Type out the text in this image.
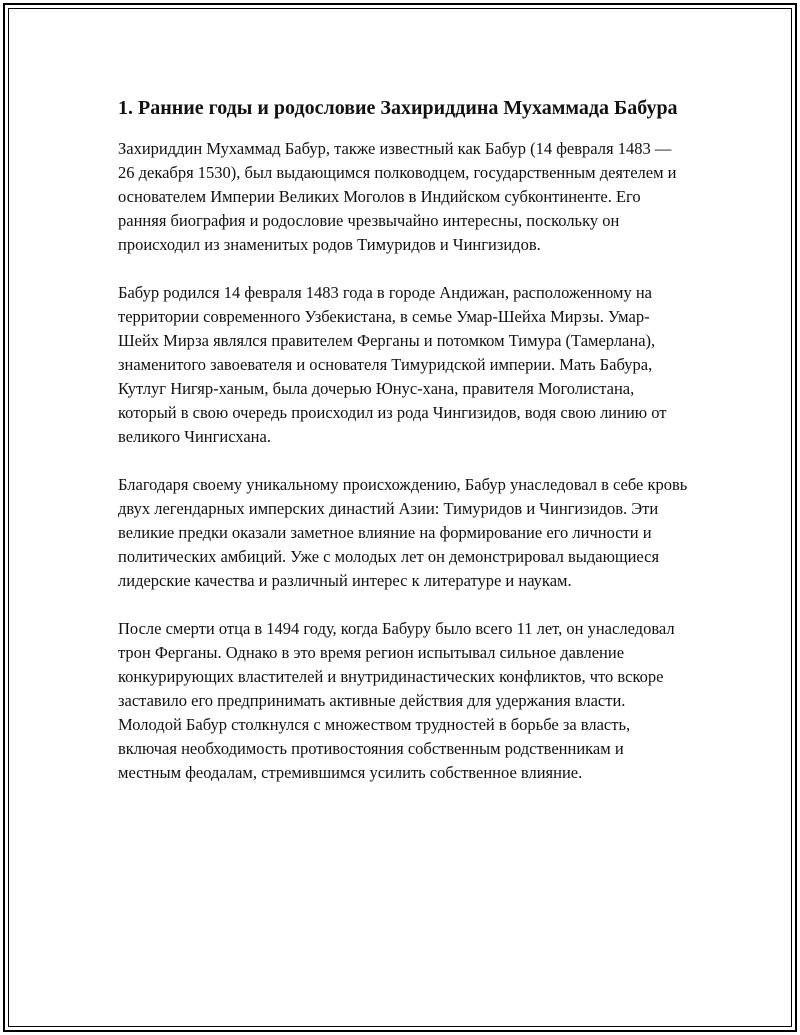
1. Ранние годы и родословие Захириддина Мухаммада Бабура

Захириддин Мухаммад Бабур, также известный как Бабур (14 февраля 1483 — 26 декабря 1530), был выдающимся полководцем, государственным деятелем и основателем Империи Великих Моголов в Индийском субконтиненте. Его ранняя биография и родословие чрезвычайно интересны, поскольку он происходил из знаменитых родов Тимуридов и Чингизидов.

Бабур родился 14 февраля 1483 года в городе Андижан, расположенному на территории современного Узбекистана, в семье Умар-Шейха Мирзы. Умар-Шейх Мирза являлся правителем Ферганы и потомком Тимура (Тамерлана), знаменитого завоевателя и основателя Тимуридской империи. Мать Бабура, Кутлуг Нигяр-ханым, была дочерью Юнус-хана, правителя Моголистана, который в свою очередь происходил из рода Чингизидов, водя свою линию от великого Чингисхана.

Благодаря своему уникальному происхождению, Бабур унаследовал в себе кровь двух легендарных имперских династий Азии: Тимуридов и Чингизидов. Эти великие предки оказали заметное влияние на формирование его личности и политических амбиций. Уже с молодых лет он демонстрировал выдающиеся лидерские качества и различный интерес к литературе и наукам.

После смерти отца в 1494 году, когда Бабуру было всего 11 лет, он унаследовал трон Ферганы. Однако в это время регион испытывал сильное давление конкурирующих властителей и внутридинастических конфликтов, что вскоре заставило его предпринимать активные действия для удержания власти. Молодой Бабур столкнулся с множеством трудностей в борьбе за власть, включая необходимость противостояния собственным родственникам и местным феодалам, стремившимся усилить собственное влияние.
